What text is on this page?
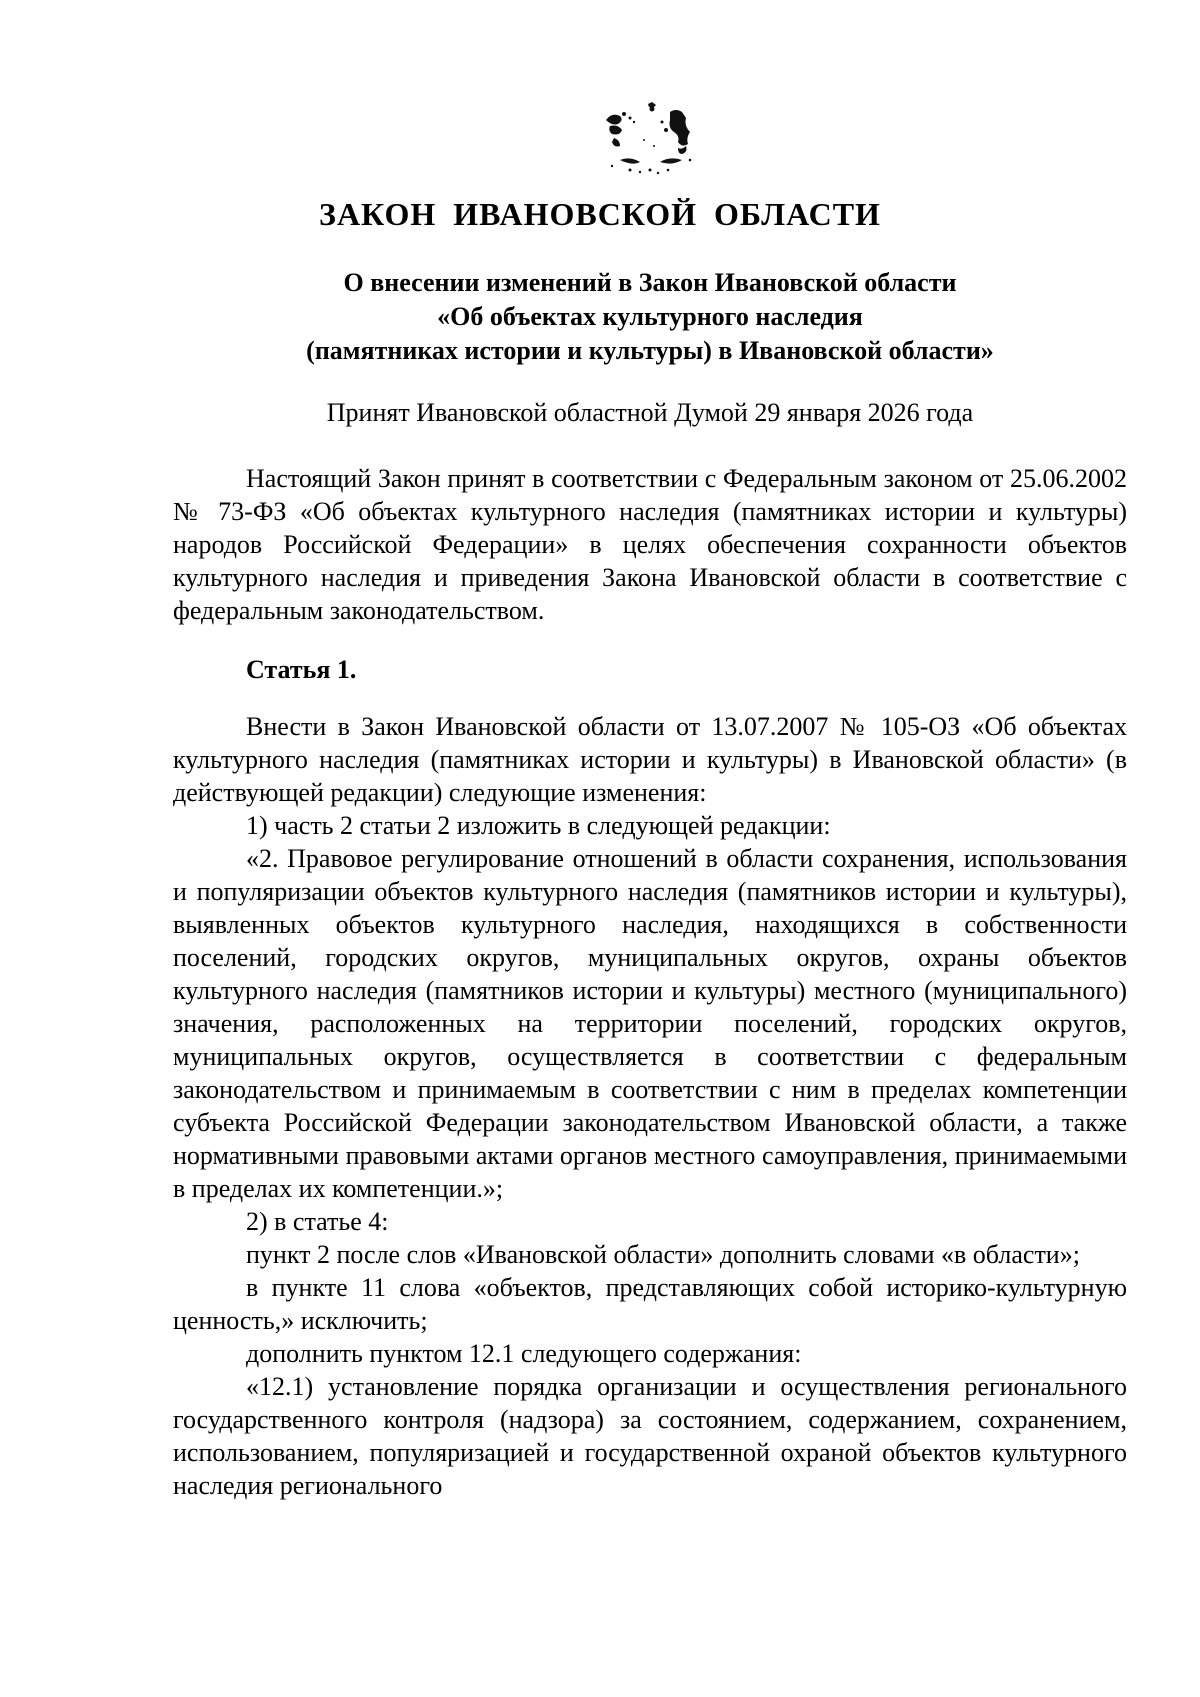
ЗАКОН ИВАНОВСКОЙ ОБЛАСТИ
О внесении изменений в Закон Ивановской области
«Об объектах культурного наследия
(памятниках истории и культуры) в Ивановской области»

Принят Ивановской областной Думой 29 января 2026 года

Настоящий Закон принят в соответствии с Федеральным законом от 25.06.2002 № 73-ФЗ «Об объектах культурного наследия (памятниках истории и культуры) народов Российской Федерации» в целях обеспечения сохранности объектов культурного наследия и приведения Закона Ивановской области в соответствие с федеральным законодательством.

Статья 1.

Внести в Закон Ивановской области от 13.07.2007 № 105-ОЗ «Об объектах культурного наследия (памятниках истории и культуры) в Ивановской области» (в действующей редакции) следующие изменения:

1) часть 2 статьи 2 изложить в следующей редакции:

«2. Правовое регулирование отношений в области сохранения, использования и популяризации объектов культурного наследия (памятников истории и культуры), выявленных объектов культурного наследия, находящихся в собственности поселений, городских округов, муниципальных округов, охраны объектов культурного наследия (памятников истории и культуры) местного (муниципального) значения, расположенных на территории поселений, городских округов, муниципальных округов, осуществляется в соответствии с федеральным законодательством и принимаемым в соответствии с ним в пределах компетенции субъекта Российской Федерации законодательством Ивановской области, а также нормативными правовыми актами органов местного самоуправления, принимаемыми в пределах их компетенции.»;

2) в статье 4:

пункт 2 после слов «Ивановской области» дополнить словами «в области»;

в пункте 11 слова «объектов, представляющих собой историко-культурную ценность,» исключить;

дополнить пунктом 12.1 следующего содержания:

«12.1) установление порядка организации и осуществления регионального государственного контроля (надзора) за состоянием, содержанием, сохранением, использованием, популяризацией и государственной охраной объектов культурного наследия регионального
